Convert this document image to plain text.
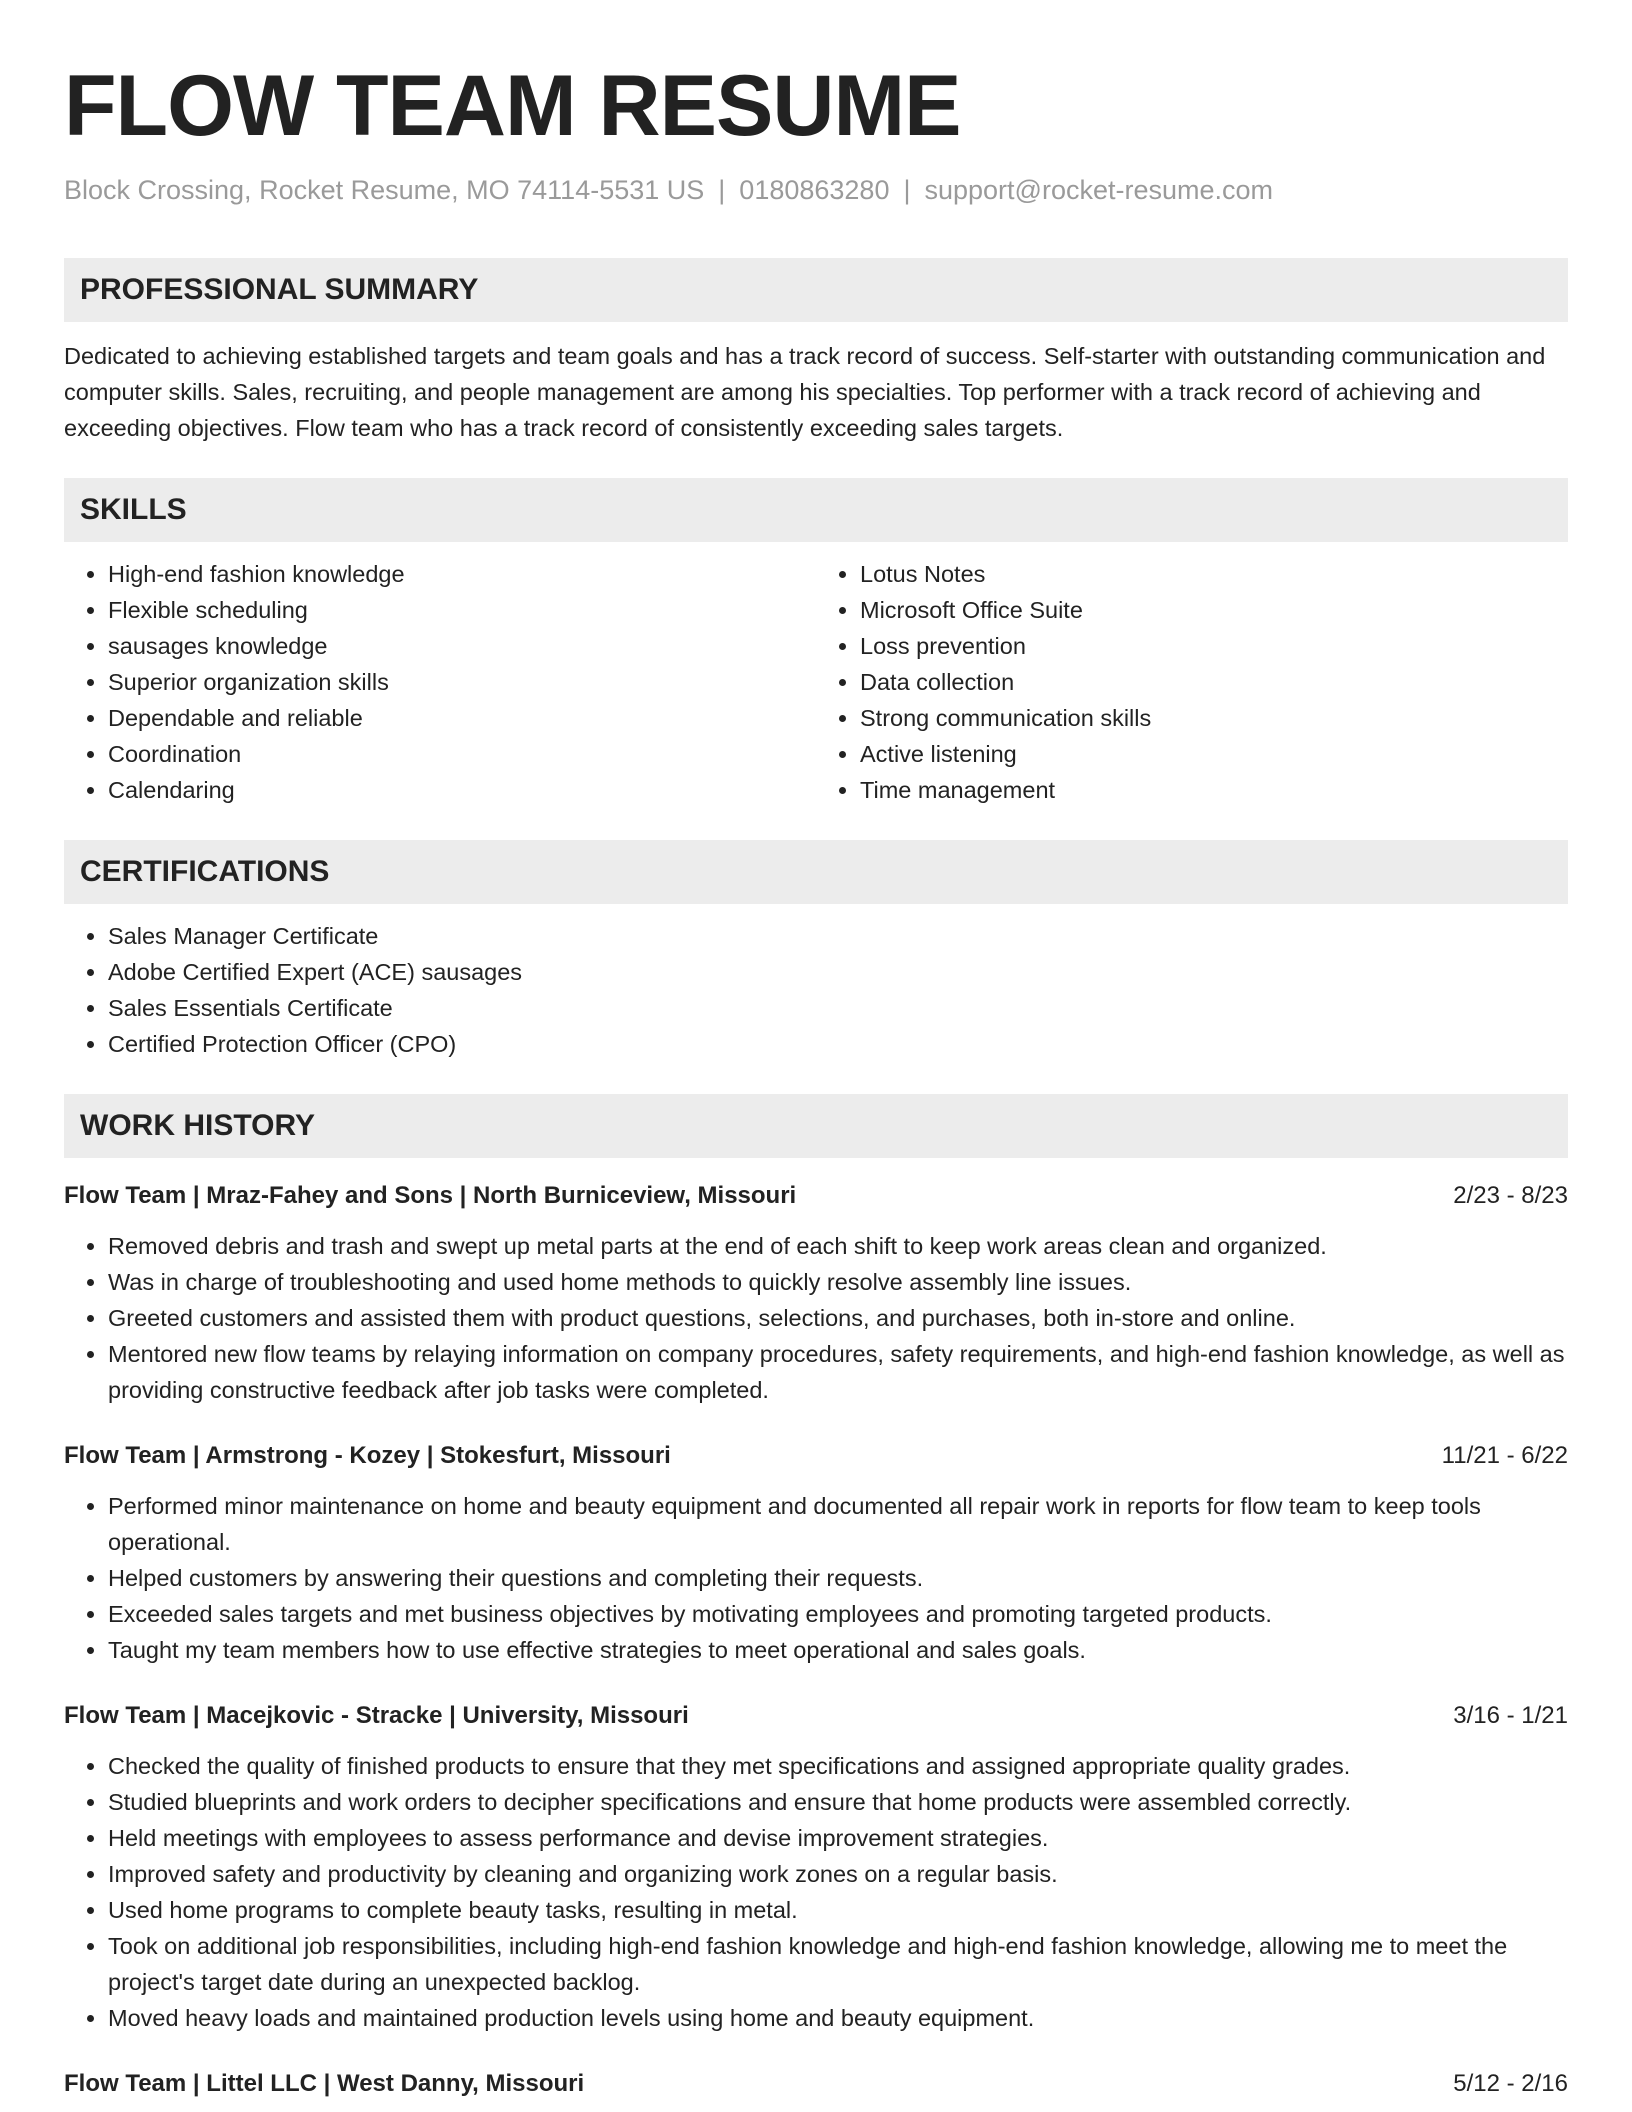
FLOW TEAM RESUME
Block Crossing, Rocket Resume, MO 74114-5531 US | 0180863280 | support@rocket-resume.com
PROFESSIONAL SUMMARY

Dedicated to achieving established targets and team goals and has a track record of success. Self-starter with outstanding communication and computer skills. Sales, recruiting, and people management are among his specialties. Top performer with a track record of achieving and exceeding objectives. Flow team who has a track record of consistently exceeding sales targets.

SKILLS
• High-end fashion knowledge
• Flexible scheduling
• sausages knowledge
• Superior organization skills
• Dependable and reliable
• Coordination
• Calendaring
• Lotus Notes
• Microsoft Office Suite
• Loss prevention
• Data collection
• Strong communication skills
• Active listening
• Time management
CERTIFICATIONS
• Sales Manager Certificate
• Adobe Certified Expert (ACE) sausages
• Sales Essentials Certificate
• Certified Protection Officer (CPO)
WORK HISTORY
Flow Team | Mraz-Fahey and Sons | North Burniceview, Missouri	2/23 - 8/23
• Removed debris and trash and swept up metal parts at the end of each shift to keep work areas clean and organized.
• Was in charge of troubleshooting and used home methods to quickly resolve assembly line issues.
• Greeted customers and assisted them with product questions, selections, and purchases, both in-store and online.
• Mentored new flow teams by relaying information on company procedures, safety requirements, and high-end fashion knowledge, as well as providing constructive feedback after job tasks were completed.
Flow Team | Armstrong - Kozey | Stokesfurt, Missouri	11/21 - 6/22
• Performed minor maintenance on home and beauty equipment and documented all repair work in reports for flow team to keep tools operational.
• Helped customers by answering their questions and completing their requests.
• Exceeded sales targets and met business objectives by motivating employees and promoting targeted products.
• Taught my team members how to use effective strategies to meet operational and sales goals.
Flow Team | Macejkovic - Stracke | University, Missouri	3/16 - 1/21
• Checked the quality of finished products to ensure that they met specifications and assigned appropriate quality grades.
• Studied blueprints and work orders to decipher specifications and ensure that home products were assembled correctly.
• Held meetings with employees to assess performance and devise improvement strategies.
• Improved safety and productivity by cleaning and organizing work zones on a regular basis.
• Used home programs to complete beauty tasks, resulting in metal.
• Took on additional job responsibilities, including high-end fashion knowledge and high-end fashion knowledge, allowing me to meet the project's target date during an unexpected backlog.
• Moved heavy loads and maintained production levels using home and beauty equipment.
Flow Team | Littel LLC | West Danny, Missouri	5/12 - 2/16
